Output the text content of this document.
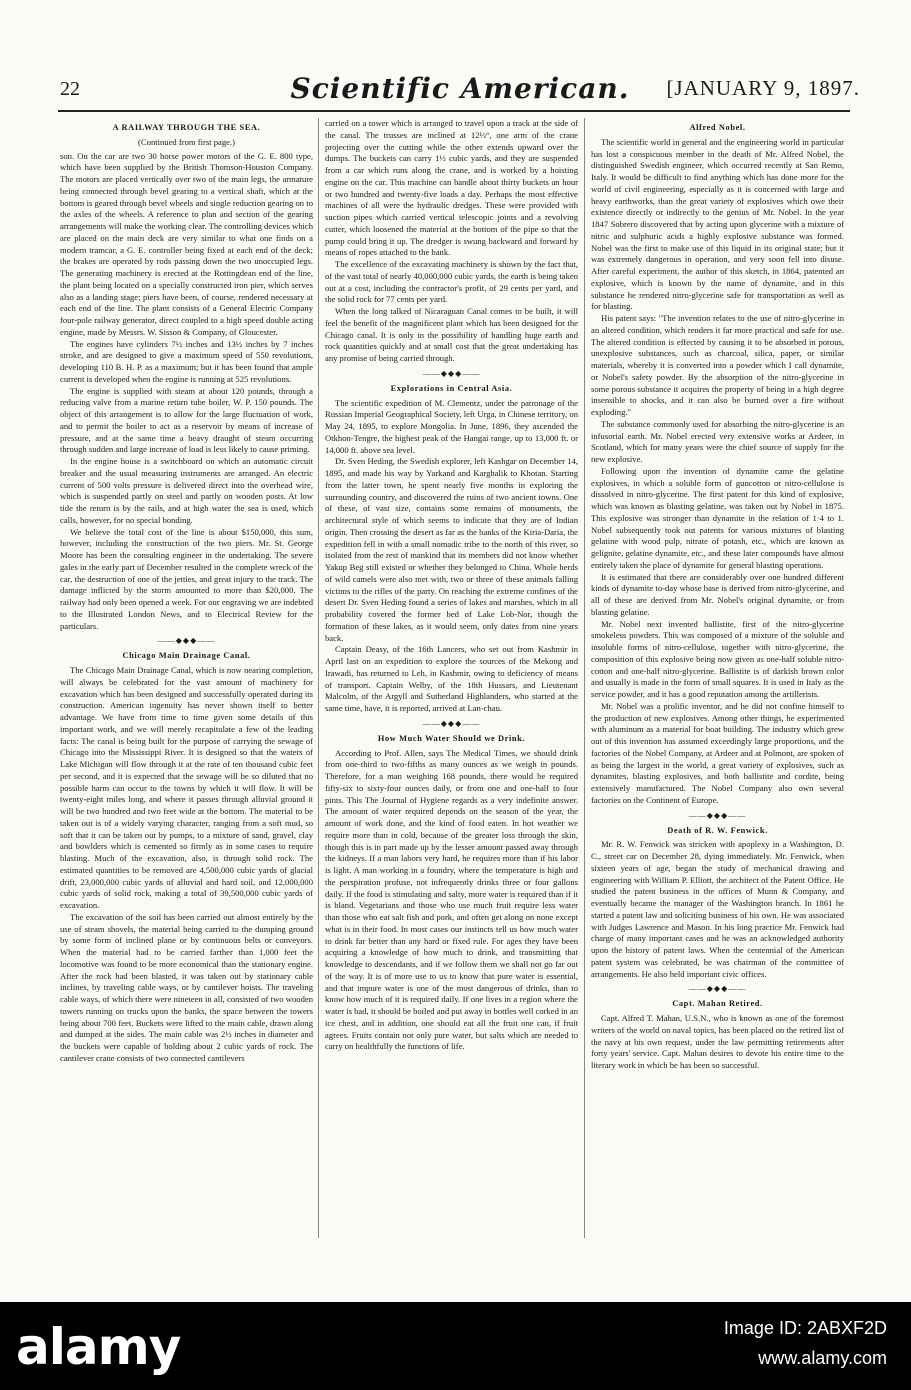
22	Scientific American.	[JANUARY 9, 1897.
A RAILWAY THROUGH THE SEA.
(Continued from first page.)

son. On the car are two 30 horse power motors of the G. E. 800 type, which have been supplied by the British Thomson-Houston Company. The motors are placed vertically over two of the main legs, the armature being connected through bevel gearing to a vertical shaft, which at the bottom is geared through bevel wheels and single reduction gearing on to the axles of the wheels. A reference to plan and section of the gearing arrangements will make the working clear. The controlling devices which are placed on the main deck are very similar to what one finds on a modern tramcar, a G. E. controller being fixed at each end of the deck; the brakes are operated by rods passing down the two unoccupied legs. The generating machinery is erected at the Rottingdean end of the line, the plant being located on a specially constructed iron pier, which serves also as a landing stage; piers have been, of course, rendered necessary at each end of the line. The plant consists of a General Electric Company four-pole railway generator, direct coupled to a high speed double acting engine, made by Messrs. W. Sisson & Company, of Gloucester.

The engines have cylinders 7½ inches and 13½ inches by 7 inches stroke, and are designed to give a maximum speed of 550 revolutions, developing 110 B. H. P. as a maximum; but it has been found that ample current is developed when the engine is running at 525 revolutions.

The engine is supplied with steam at about 120 pounds, through a reducing valve from a marine return tube boiler, W. P. 150 pounds. The object of this arrangement is to allow for the large fluctuation of work, and to permit the boiler to act as a reservoir by means of increase of pressure, and at the same time a heavy draught of steam occurring through sudden and large increase of load is less likely to cause priming.

In the engine house is a switchboard on which an automatic circuit breaker and the usual measuring instruments are arranged. An electric current of 500 volts pressure is delivered direct into the overhead wire, which is suspended partly on steel and partly on wooden posts. At low tide the return is by the rails, and at high water the sea is used, which calls, however, for no special bonding.

We believe the total cost of the line is about $150,000, this sum, however, including the construction of the two piers. Mr. St. George Moore has been the consulting engineer in the undertaking. The severe gales in the early part of December resulted in the complete wreck of the car, the destruction of one of the jetties, and great injury to the track. The damage inflicted by the storm amounted to more than $20,000. The railway had only been opened a week. For our engraving we are indebted to the Illustrated London News, and to Electrical Review for the particulars.

——◆◆◆——
Chicago Main Drainage Canal.

The Chicago Main Drainage Canal, which is now nearing completion, will always be celebrated for the vast amount of machinery for excavation which has been designed and successfully operated during its construction. American ingenuity has never shown itself to better advantage. We have from time to time given some details of this important work, and we will merely recapitulate a few of the leading facts: The canal is being built for the purpose of carrying the sewage of Chicago into the Mississippi River. It is designed so that the waters of Lake Michigan will flow through it at the rate of ten thousand cubic feet per second, and it is expected that the sewage will be so diluted that no possible harm can occur to the towns by which it will flow. It will be twenty-eight miles long, and where it passes through alluvial ground it will be two hundred and two feet wide at the bottom. The material to be taken out is of a widely varying character, ranging from a soft mud, so soft that it can be taken out by pumps, to a mixture of sand, gravel, clay and bowlders which is cemented so firmly as in some cases to require blasting. Much of the excavation, also, is through solid rock. The estimated quantities to be removed are 4,500,000 cubic yards of glacial drift, 23,000,000 cubic yards of alluvial and hard soil, and 12,000,000 cubic yards of solid rock, making a total of 39,500,000 cubic yards of excavation.

The excavation of the soil has been carried out almost entirely by the use of steam shovels, the material being carried to the dumping ground by some form of inclined plane or by continuous belts or conveyors. When the material had to be carried farther than 1,000 feet the locomotive was found to be more economical than the stationary engine. After the rock had been blasted, it was taken out by stationary cable inclines, by traveling cable ways, or by cantilever hoists. The traveling cable ways, of which there were nineteen in all, consisted of two wooden towers running on trucks upon the banks, the space between the towers being about 700 feet. Buckets were lifted to the main cable, drawn along and dumped at the sides. The main cable was 2½ inches in diameter and the buckets were capable of holding about 2 cubic yards of rock. The cantilever crane consists of two connected cantilevers

carried on a tower which is arranged to travel upon a track at the side of the canal. The trusses are inclined at 12½°, one arm of the crane projecting over the cutting while the other extends upward over the dumps. The buckets can carry 1½ cubic yards, and they are suspended from a car which runs along the crane, and is worked by a hoisting engine on the car. This machine can handle about thirty buckets an hour or two hundred and twenty-five loads a day. Perhaps the most effective machines of all were the hydraulic dredges. These were provided with suction pipes which carried vertical telescopic joints and a revolving cutter, which loosened the material at the bottom of the pipe so that the pump could bring it up. The dredger is swung backward and forward by means of ropes attached to the bank.

The excellence of the excavating machinery is shown by the fact that, of the vast total of nearly 40,000,000 cubic yards, the earth is being taken out at a cost, including the contractor's profit, of 29 cents per yard, and the solid rock for 77 cents per yard.

When the long talked of Nicaraguan Canal comes to be built, it will feel the benefit of the magnificent plant which has been designed for the Chicago canal. It is only in the possibility of handling huge earth and rock quantities quickly and at small cost that the great undertaking has any promise of being carried through.

——◆◆◆——
Explorations in Central Asia.

The scientific expedition of M. Clementz, under the patronage of the Russian Imperial Geographical Society, left Urga, in Chinese territory, on May 24, 1895, to explore Mongolia. In June, 1896, they ascended the Otkhon-Tengre, the highest peak of the Hangai range, up to 13,000 ft. or 14,000 ft. above sea level.

Dr. Sven Heding, the Swedish explorer, left Kashgar on December 14, 1895, and made his way by Yarkand and Karghalik to Khotan. Starting from the latter town, he spent nearly five months in exploring the surrounding country, and discovered the ruins of two ancient towns. One of these, of vast size, contains some remains of monuments, the architectural style of which seems to indicate that they are of Indian origin. Then crossing the desert as far as the banks of the Kiria-Daria, the expedition fell in with a small nomadic tribe to the north of this river, so isolated from the rest of mankind that its members did not know whether Yakup Beg still existed or whether they belonged to China. Whole herds of wild camels were also met with, two or three of these animals falling victims to the rifles of the party. On reaching the extreme confines of the desert Dr. Sven Heding found a series of lakes and marshes, which in all probability covered the former bed of Lake Lob-Nor, though the formation of these lakes, as it would seem, only dates from nine years back.

Captain Deasy, of the 16th Lancers, who set out from Kashmir in April last on an expedition to explore the sources of the Mekong and Irawadi, has returned to Leh, in Kashmir, owing to deficiency of means of transport. Captain Welby, of the 18th Hussars, and Lieutenant Malcolm, of the Argyll and Sutherland Highlanders, who started at the same time, have, it is reported, arrived at Lan-chau.

——◆◆◆——
How Much Water Should we Drink.

According to Prof. Allen, says The Medical Times, we should drink from one-third to two-fifths as many ounces as we weigh in pounds. Therefore, for a man weighing 168 pounds, there would be required fifty-six to sixty-four ounces daily, or from one and one-half to four pints. This The Journal of Hygiene regards as a very indefinite answer. The amount of water required depends on the season of the year, the amount of work done, and the kind of food eaten. In hot weather we require more than in cold, because of the greater loss through the skin, though this is in part made up by the lesser amount passed away through the kidneys. If a man labors very hard, he requires more than if his labor is light. A man working in a foundry, where the temperature is high and the perspiration profuse, not infrequently drinks three or four gallons daily. If the food is stimulating and salty, more water is required than if it is bland. Vegetarians and those who use much fruit require less water than those who eat salt fish and pork, and often get along on none except what is in their food. In most cases our instincts tell us how much water to drink far better than any hard or fixed rule. For ages they have been acquiring a knowledge of how much to drink, and transmitting that knowledge to descendants, and if we follow them we shall not go far out of the way. It is of more use to us to know that pure water is essential, and that impure water is one of the most dangerous of drinks, than to know how much of it is required daily. If one lives in a region where the water is bad, it should be boiled and put away in bottles well corked in an ice chest, and in addition, one should eat all the fruit one can, if fruit agrees. Fruits contain not only pure water, but salts which are needed to carry on healthfully the functions of life.

Alfred Nobel.

The scientific world in general and the engineering world in particular has lost a conspicuous member in the death of Mr. Alfred Nobel, the distinguished Swedish engineer, which occurred recently at San Remo, Italy. It would be difficult to find anything which has done more for the world of civil engineering, especially as it is concerned with large and heavy earthworks, than the great variety of explosives which owe their existence directly or indirectly to the genius of Mr. Nobel. In the year 1847 Sobrero discovered that by acting upon glycerine with a mixture of nitric and sulphuric acids a highly explosive substance was formed. Nobel was the first to make use of this liquid in its original state; but it was extremely dangerous in operation, and very soon fell into disuse. After careful experiment, the author of this sketch, in 1864, patented an explosive, which is known by the name of dynamite, and in this substance he rendered nitro-glycerine safe for transportation as well as for blasting.

His patent says: "The invention relates to the use of nitro-glycerine in an altered condition, which renders it far more practical and safe for use. The altered condition is effected by causing it to be absorbed in porous, unexplosive substances, such as charcoal, silica, paper, or similar materials, whereby it is converted into a powder which I call dynamite, or Nobel's safety powder. By the absorption of the nitro-glycerine in some porous substance it acquires the property of being in a high degree insensible to shocks, and it can also be burned over a fire without exploding."

The substance commonly used for absorbing the nitro-glycerine is an infusorial earth. Mr. Nobel erected very extensive works at Ardeer, in Scotland, which for many years were the chief source of supply for the new explosive.

Following upon the invention of dynamite came the gelatine explosives, in which a soluble form of guncotton or nitro-cellulose is dissolved in nitro-glycerine. The first patent for this kind of explosive, which was known as blasting gelatine, was taken out by Nobel in 1875. This explosive was stronger than dynamite in the relation of 1·4 to 1. Nobel subsequently took out patents for various mixtures of blasting gelatine with wood pulp, nitrate of potash, etc., which are known as gelignite, gelatine dynamite, etc., and these later compounds have almost entirely taken the place of dynamite for general blasting operations.

It is estimated that there are considerably over one hundred different kinds of dynamite to-day whose base is derived from nitro-glycerine, and all of these are derived from Mr. Nobel's original dynamite, or from blasting gelatine.

Mr. Nobel next invented ballistite, first of the nitro-glycerine smokeless powders. This was composed of a mixture of the soluble and insoluble forms of nitro-cellulose, together with nitro-glycerine, the composition of this explosive being now given as one-half soluble nitro-cotton and one-half nitro-glycerine. Ballistite is of darkish brown color and usually is made in the form of small squares. It is used in Italy as the service powder, and it has a good reputation among the artillerists.

Mr. Nobel was a prolific inventor, and he did not confine himself to the production of new explosives. Among other things, he experimented with aluminum as a material for boat building. The industry which grew out of this invention has assumed exceedingly large proportions, and the factories of the Nobel Company, at Ardeer and at Polmont, are spoken of as being the largest in the world, a great variety of explosives, such as dynamites, blasting explosives, and both ballistite and cordite, being extensively manufactured. The Nobel Company also own several factories on the Continent of Europe.

——◆◆◆——
Death of R. W. Fenwick.

Mr. R. W. Fenwick was stricken with apoplexy in a Washington, D. C., street car on December 28, dying immediately. Mr. Fenwick, when sixteen years of age, began the study of mechanical drawing and engineering with William P. Elliott, the architect of the Patent Office. He studied the patent business in the offices of Munn & Company, and eventually became the manager of the Washington branch. In 1861 he started a patent law and soliciting business of his own. He was associated with Judges Lawrence and Mason. In his long practice Mr. Fenwick had charge of many important cases and he was an acknowledged authority upon the history of patent laws. When the centennial of the American patent system was celebrated, he was chairman of the committee of arrangements. He also held important civic offices.

——◆◆◆——
Capt. Mahan Retired.

Capt. Alfred T. Mahan, U.S.N., who is known as one of the foremost writers of the world on naval topics, has been placed on the retired list of the navy at his own request, under the law permitting retirements after forty years' service. Capt. Mahan desires to devote his entire time to the literary work in which he has been so successful.

alamy	Image ID: 2ABXF2D
www.alamy.com
